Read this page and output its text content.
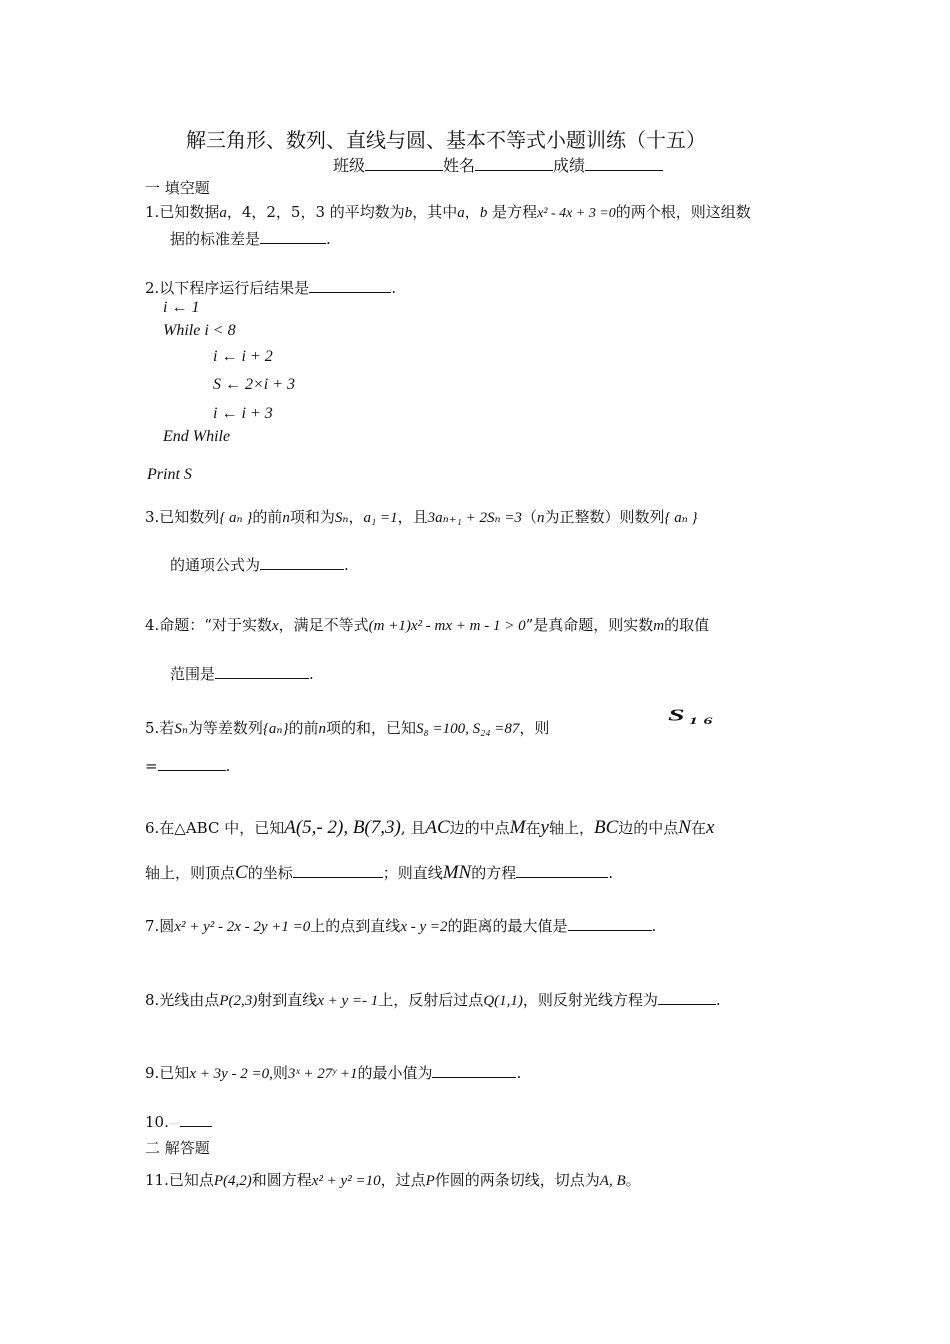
解三角形、数列、直线与圆、基本不等式小题训练（十五）
班级	姓名	成绩
一 填空题
1.已知数据a，4，2，5，3 的平均数为b，其中a，b 是方程x² - 4x + 3 =0的两个根，则这组数
据的标准差是	.
2.以下程序运行后结果是	.
i ← 1
While i < 8
i ← i + 2
S ← 2×i + 3
i ← i + 3
End While
Print S
3.已知数列{ aₙ }的前n项和为Sₙ，a₁ =1，且3aₙ₊₁ + 2Sₙ =3（n为正整数）则数列{ aₙ }
的通项公式为	.
4.命题：“对于实数x，满足不等式(m +1)x² - mx + m - 1 > 0”是真命题，则实数m的取值
范围是	.
5.若Sₙ为等差数列{aₙ}的前n项的和，已知S₈ =100, S₂₄ =87，则
S₁₆
=	.
6.在△ABC 中，已知A(5,- 2), B(7,3), 且AC边的中点M在y轴上，BC边的中点N在x
轴上，则顶点C的坐标	；则直线MN的方程	.
7.圆x² + y² - 2x - 2y +1 =0上的点到直线x - y =2的距离的最大值是	.
8.光线由点P(2,3)射到直线x + y =- 1上，反射后过点Q(1,1)，则反射光线方程为	.
9.已知x + 3y - 2 =0,则3ˣ + 27ʸ +1的最小值为	.
10.—
二 解答题
11.已知点P(4,2)和圆方程x² + y² =10，过点P作圆的两条切线，切点为A, B。
